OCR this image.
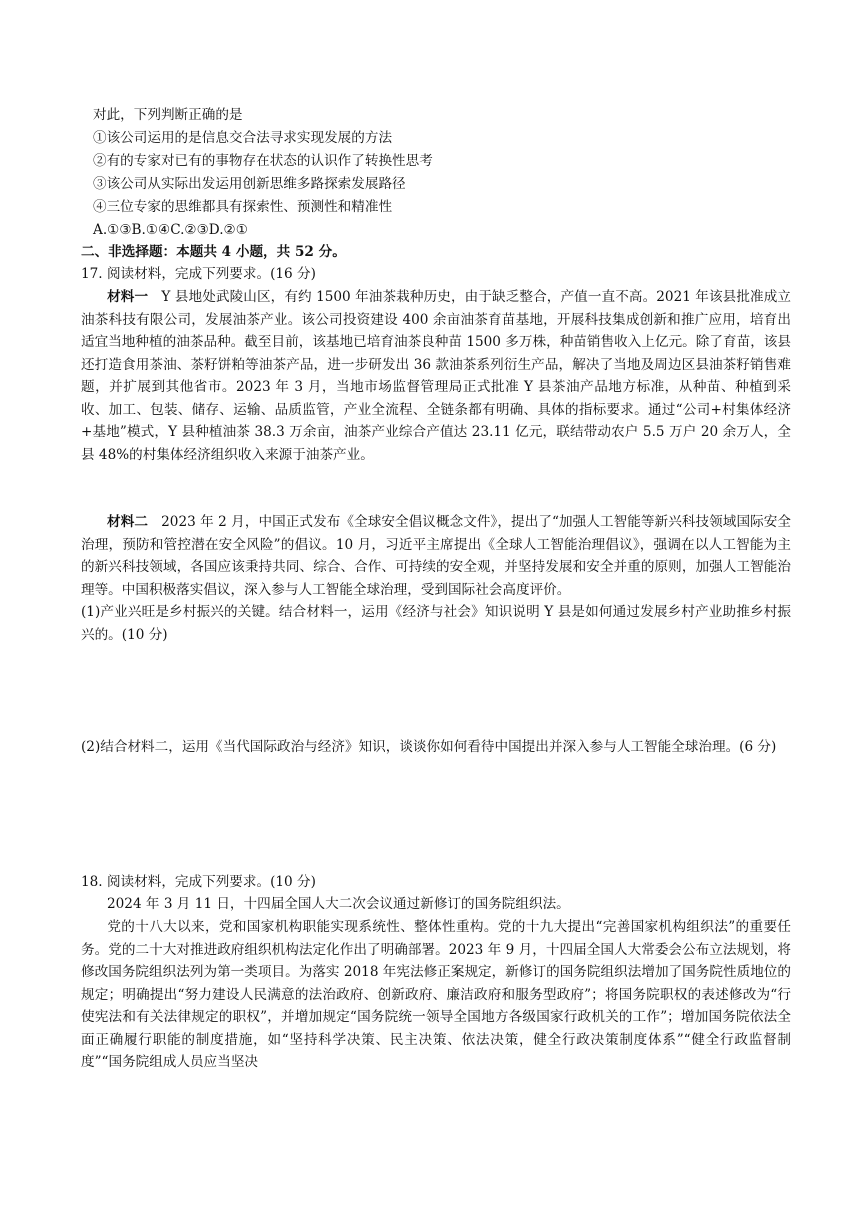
对此，下列判断正确的是
①该公司运用的是信息交合法寻求实现发展的方法
②有的专家对已有的事物存在状态的认识作了转换性思考
③该公司从实际出发运用创新思维多路探索发展路径
④三位专家的思维都具有探索性、预测性和精准性
A.①③B.①④C.②③D.②①
二、非选择题：本题共 4 小题，共 52 分。
17. 阅读材料，完成下列要求。(16 分)
材料一 Y 县地处武陵山区，有约 1500 年油茶栽种历史，由于缺乏整合，产值一直不高。2021 年该县批准成立油茶科技有限公司，发展油茶产业。该公司投资建设 400 余亩油茶育苗基地，开展科技集成创新和推广应用，培育出适宜当地种植的油茶品种。截至目前，该基地已培育油茶良种苗 1500 多万株，种苗销售收入上亿元。除了育苗，该县还打造食用茶油、茶籽饼粕等油茶产品，进一步研发出 36 款油茶系列衍生产品，解决了当地及周边区县油茶籽销售难题，并扩展到其他省市。2023 年 3 月，当地市场监督管理局正式批准 Y 县茶油产品地方标准，从种苗、种植到采收、加工、包装、储存、运输、品质监管，产业全流程、全链条都有明确、具体的指标要求。通过“公司+村集体经济+基地”模式，Y 县种植油茶 38.3 万余亩，油茶产业综合产值达 23.11 亿元，联结带动农户 5.5 万户 20 余万人，全县 48%的村集体经济组织收入来源于油茶产业。
材料二 2023 年 2 月，中国正式发布《全球安全倡议概念文件》，提出了“加强人工智能等新兴科技领域国际安全治理，预防和管控潜在安全风险”的倡议。10 月，习近平主席提出《全球人工智能治理倡议》，强调在以人工智能为主的新兴科技领域，各国应该秉持共同、综合、合作、可持续的安全观，并坚持发展和安全并重的原则，加强人工智能治理等。中国积极落实倡议，深入参与人工智能全球治理，受到国际社会高度评价。
(1)产业兴旺是乡村振兴的关键。结合材料一，运用《经济与社会》知识说明 Y 县是如何通过发展乡村产业助推乡村振兴的。(10 分)
(2)结合材料二，运用《当代国际政治与经济》知识，谈谈你如何看待中国提出并深入参与人工智能全球治理。(6 分)
18. 阅读材料，完成下列要求。(10 分)
2024 年 3 月 11 日，十四届全国人大二次会议通过新修订的国务院组织法。
党的十八大以来，党和国家机构职能实现系统性、整体性重构。党的十九大提出“完善国家机构组织法”的重要任务。党的二十大对推进政府组织机构法定化作出了明确部署。2023 年 9 月，十四届全国人大常委会公布立法规划，将修改国务院组织法列为第一类项目。为落实 2018 年宪法修正案规定，新修订的国务院组织法增加了国务院性质地位的规定；明确提出“努力建设人民满意的法治政府、创新政府、廉洁政府和服务型政府”；将国务院职权的表述修改为“行使宪法和有关法律规定的职权”，并增加规定“国务院统一领导全国地方各级国家行政机关的工作”；增加国务院依法全面正确履行职能的制度措施，如“坚持科学决策、民主决策、依法决策，健全行政决策制度体系”“健全行政监督制度”“国务院组成人员应当坚决
